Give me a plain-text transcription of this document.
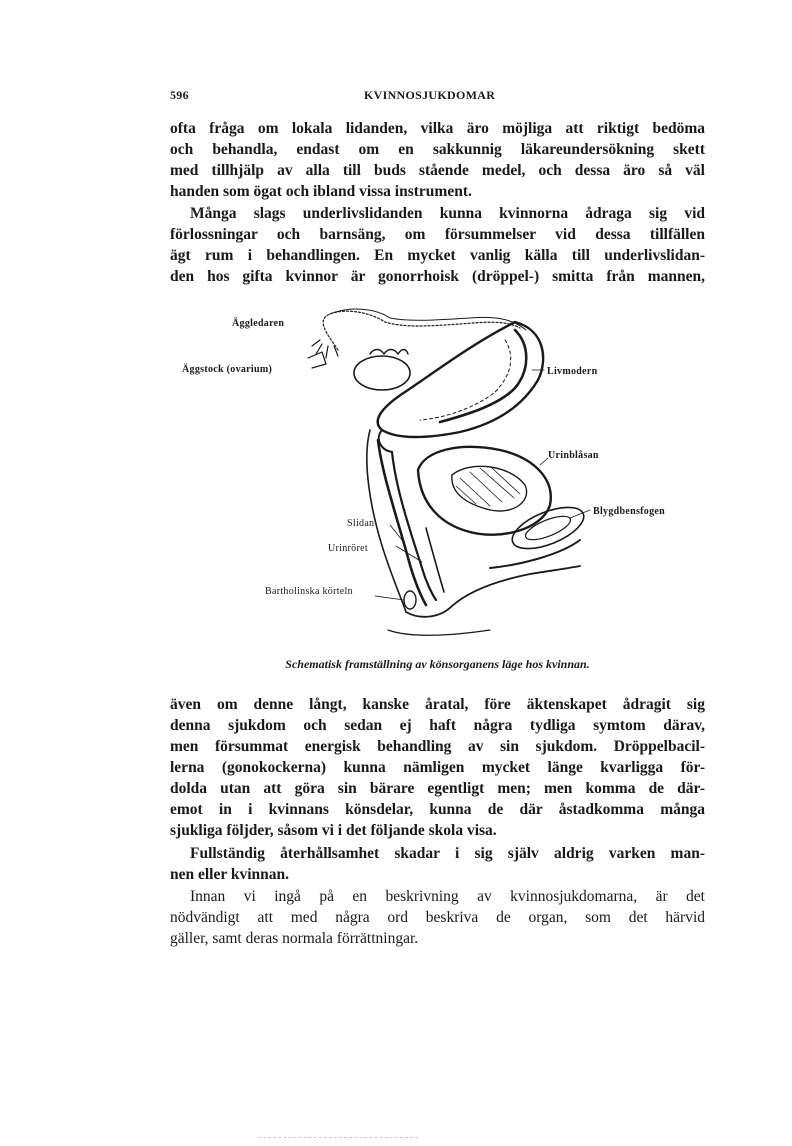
596	KVINNOSJUKDOMAR
ofta fråga om lokala lidanden, vilka äro möjliga att riktigt bedöma
och behandla, endast om en sakkunnig läkareundersökning skett
med tillhjälp av alla till buds stående medel, och dessa äro så väl
handen som ögat och ibland vissa instrument.
Många slags underlivslidanden kunna kvinnorna ådraga sig vid
förlossningar och barnsäng, om försummelser vid dessa tillfällen
ägt rum i behandlingen. En mycket vanlig källa till underlivslidan-
den hos gifta kvinnor är gonorrhoisk (dröppel-) smitta från mannen,
Äggledaren
Äggstock (ovarium)	Livmodern
Urinblåsan
Blygdbensfogen
Slidan
Urinröret
Bartholinska körteln
Schematisk framställning av könsorganens läge hos kvinnan.
även om denne långt, kanske åratal, före äktenskapet ådragit sig
denna sjukdom och sedan ej haft några tydliga symtom därav,
men försummat energisk behandling av sin sjukdom. Dröppelbacil-
lerna (gonokockerna) kunna nämligen mycket länge kvarligga för-
dolda utan att göra sin bärare egentligt men; men komma de där-
emot in i kvinnans könsdelar, kunna de där åstadkomma många
sjukliga följder, såsom vi i det följande skola visa.
Fullständig återhållsamhet skadar i sig själv aldrig varken man-
nen eller kvinnan.
Innan vi ingå på en beskrivning av kvinnosjukdomarna, är det
nödvändigt att med några ord beskriva de organ, som det härvid
gäller, samt deras normala förrättningar.
